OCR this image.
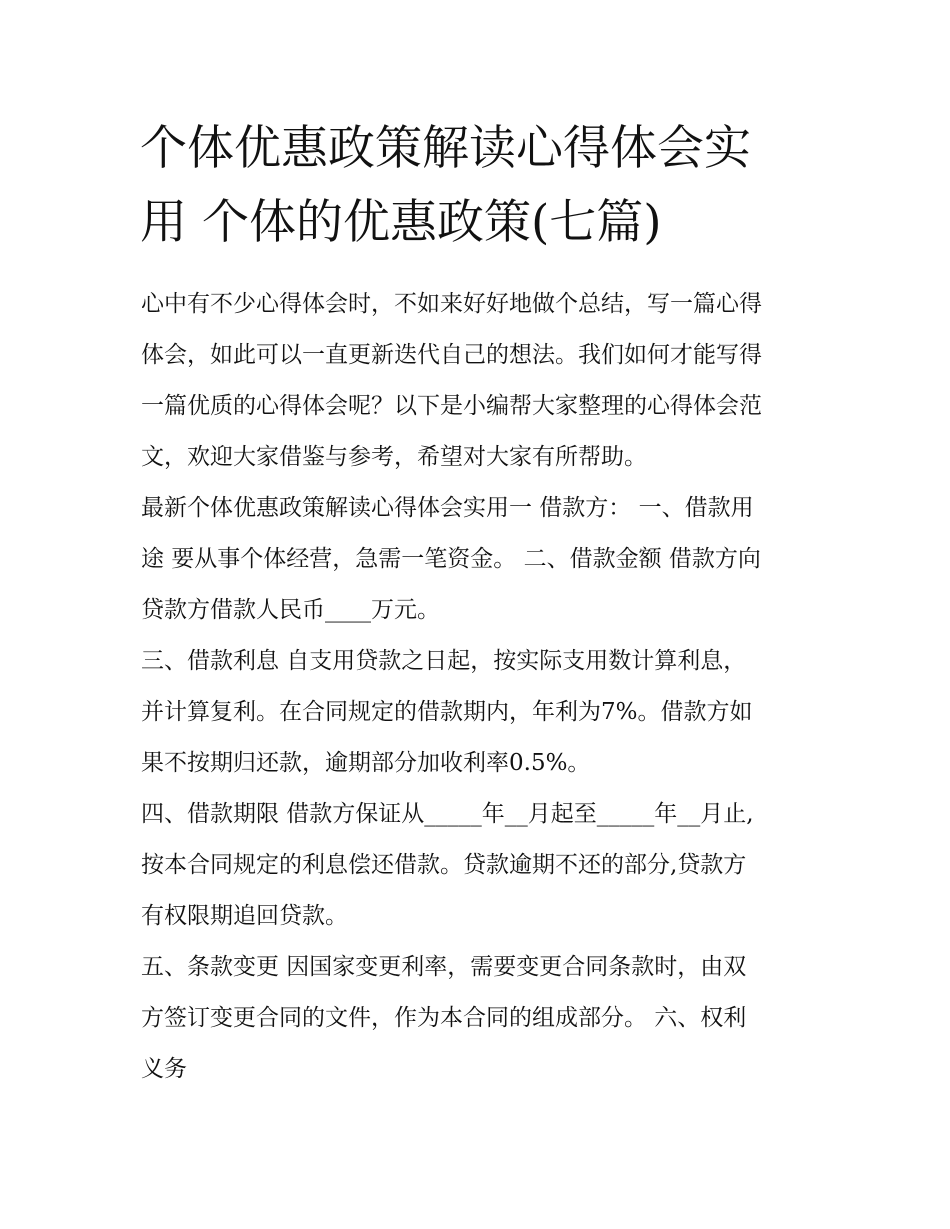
个体优惠政策解读心得体会实
用 个体的优惠政策(七篇)

心中有不少心得体会时，不如来好好地做个总结，写一篇心得
体会，如此可以一直更新迭代自己的想法。我们如何才能写得
一篇优质的心得体会呢？以下是小编帮大家整理的心得体会范
文，欢迎大家借鉴与参考，希望对大家有所帮助。

最新个体优惠政策解读心得体会实用一 借款方： 一、借款用
途 要从事个体经营，急需一笔资金。 二、借款金额 借款方向
贷款方借款人民币____万元。

三、借款利息 自支用贷款之日起，按实际支用数计算利息，
并计算复利。在合同规定的借款期内，年利为7%。借款方如
果不按期归还款，逾期部分加收利率0.5%。

四、借款期限 借款方保证从_____年__月起至_____年__月止,
按本合同规定的利息偿还借款。贷款逾期不还的部分,贷款方
有权限期追回贷款。

五、条款变更 因国家变更利率，需要变更合同条款时，由双
方签订变更合同的文件，作为本合同的组成部分。 六、权利
义务
